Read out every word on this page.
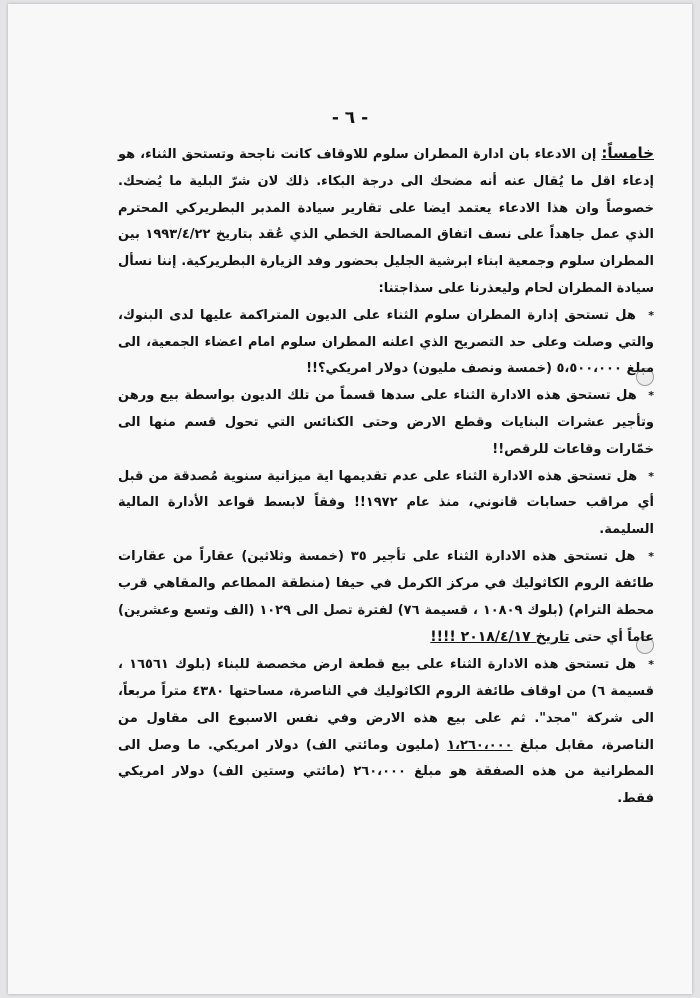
- ٦ -

خامساً: إن الادعاء بان ادارة المطران سلوم للاوقاف كانت ناجحة وتستحق الثناء، هو إدعاء اقل ما يُقال عنه أنه مضحك الى درجة البكاء. ذلك لان شرّ البلية ما يُضحك. خصوصاً وان هذا الادعاء يعتمد ايضا على تقارير سيادة المدبر البطريركي المحترم الذي عمل جاهداً على نسف اتفاق المصالحة الخطي الذي عُقد بتاريخ ١٩٩٣/٤/٢٢ بين المطران سلوم وجمعية ابناء ابرشية الجليل بحضور وفد الزيارة البطريركية. إننا نسأل سيادة المطران لحام وليعذرنا على سذاجتنا:

* هل تستحق إدارة المطران سلوم الثناء على الديون المتراكمة عليها لدى البنوك، والتي وصلت وعلى حد التصريح الذي اعلنه المطران سلوم امام اعضاء الجمعية، الى مبلغ ٥،٥٠٠،٠٠٠ (خمسة ونصف مليون) دولار امريكي؟!!

* هل تستحق هذه الادارة الثناء على سدها قسماً من تلك الديون بواسطة بيع ورهن وتأجير عشرات البنايات وقطع الارض وحتى الكنائس التي تحول قسم منها الى خمّارات وقاعات للرقص!!

* هل تستحق هذه الادارة الثناء على عدم تقديمها اية ميزانية سنوية مُصدقة من قبل أي مراقب حسابات قانوني، منذ عام ١٩٧٢!! وفقاً لابسط قواعد الأدارة المالية السليمة.

* هل تستحق هذه الادارة الثناء على تأجير ٣٥ (خمسة وثلاثين) عقاراً من عقارات طائفة الروم الكاثوليك في مركز الكرمل في حيفا (منطقة المطاعم والمقاهي قرب محطة الترام) (بلوك ١٠٨٠٩ ، قسيمة ٧٦) لفترة تصل الى ١٠٢٩ (الف وتسع وعشرين) عاماً أي حتى تاريخ ٢٠١٨/٤/١٧ !!!!

* هل تستحق هذه الادارة الثناء على بيع قطعة ارض مخصصة للبناء (بلوك ١٦٥٦١ ، قسيمة ٦) من اوقاف طائفة الروم الكاثوليك في الناصرة، مساحتها ٤٣٨٠ متراً مربعاً، الى شركة "مجد". ثم على بيع هذه الارض وفي نفس الاسبوع الى مقاول من الناصرة، مقابل مبلغ ١،٢٦٠،٠٠٠ (مليون ومائتي الف) دولار امريكي. ما وصل الى المطرانية من هذه الصفقة هو مبلغ ٢٦٠،٠٠٠ (مائتي وستين الف) دولار امريكي فقط.
